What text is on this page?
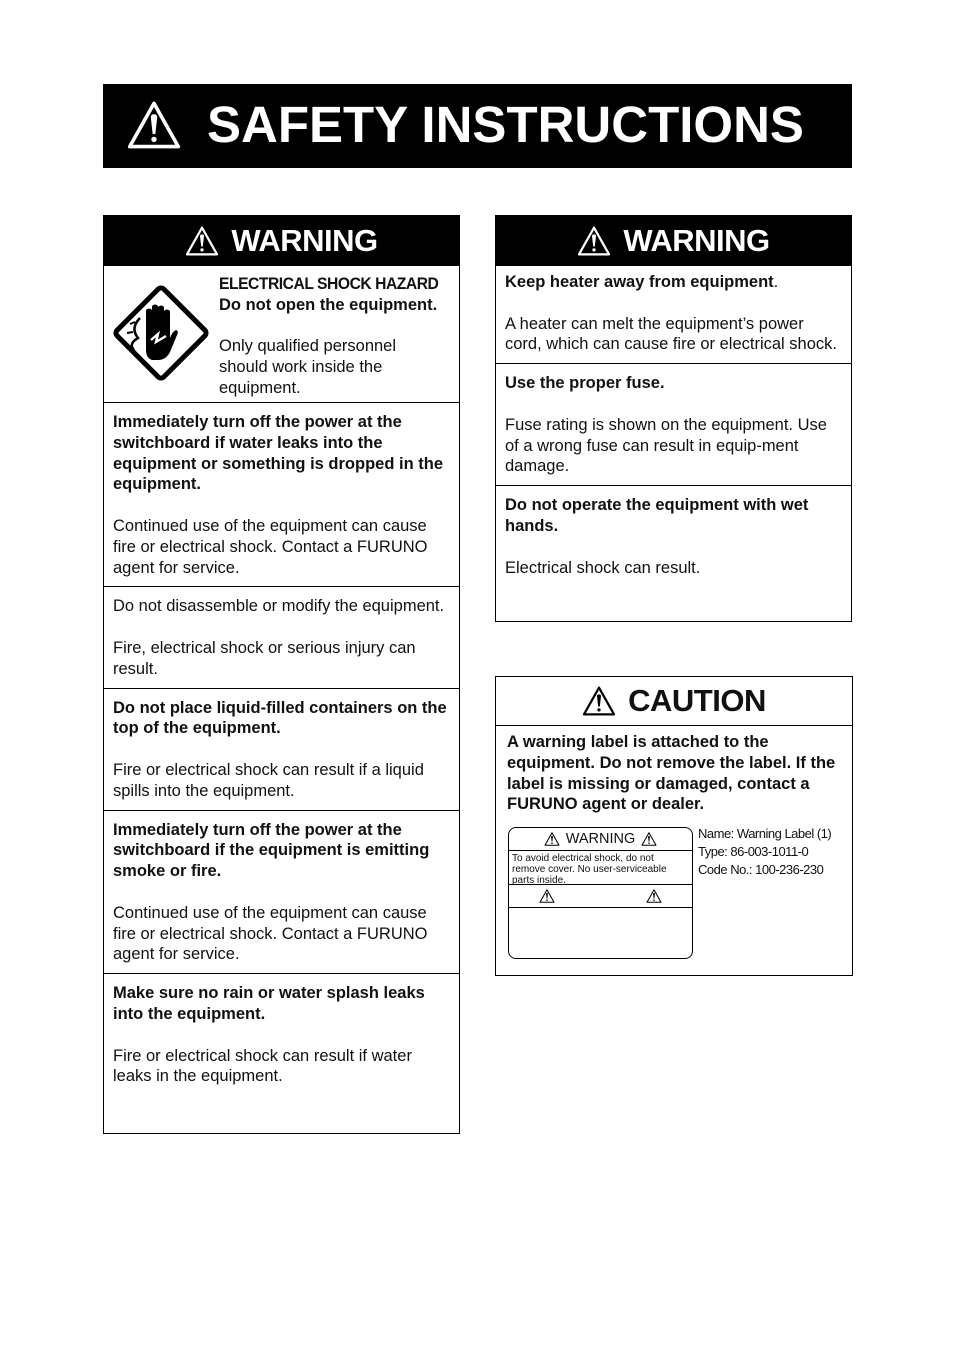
SAFETY INSTRUCTIONS
WARNING
ELECTRICAL SHOCK HAZARD
Do not open the equipment.
Only qualified personnel should work inside the equipment.

Immediately turn off the power at the switchboard if water leaks into the equipment or something is dropped in the equipment.

Continued use of the equipment can cause fire or electrical shock. Contact a FURUNO agent for service.

Do not disassemble or modify the equipment.

Fire, electrical shock or serious injury can result.

Do not place liquid-filled containers on the top of the equipment.

Fire or electrical shock can result if a liquid spills into the equipment.

Immediately turn off the power at the switchboard if the equipment is emitting smoke or fire.

Continued use of the equipment can cause fire or electrical shock. Contact a FURUNO agent for service.

Make sure no rain or water splash leaks into the equipment.

Fire or electrical shock can result if water leaks in the equipment.

WARNING

Keep heater away from equipment.

A heater can melt the equipment’s power cord, which can cause fire or electrical shock.

Use the proper fuse.

Fuse rating is shown on the equipment. Use of a wrong fuse can result in equip-ment damage.

Do not operate the equipment with wet hands.

Electrical shock can result.

CAUTION
A warning label is attached to the equipment. Do not remove the label. If the label is missing or damaged, contact a FURUNO agent or dealer.
WARNING
To avoid electrical shock, do not remove cover. No user-serviceable parts inside.
Name: Warning Label (1)
Type: 86-003-1011-0
Code No.: 100-236-230
